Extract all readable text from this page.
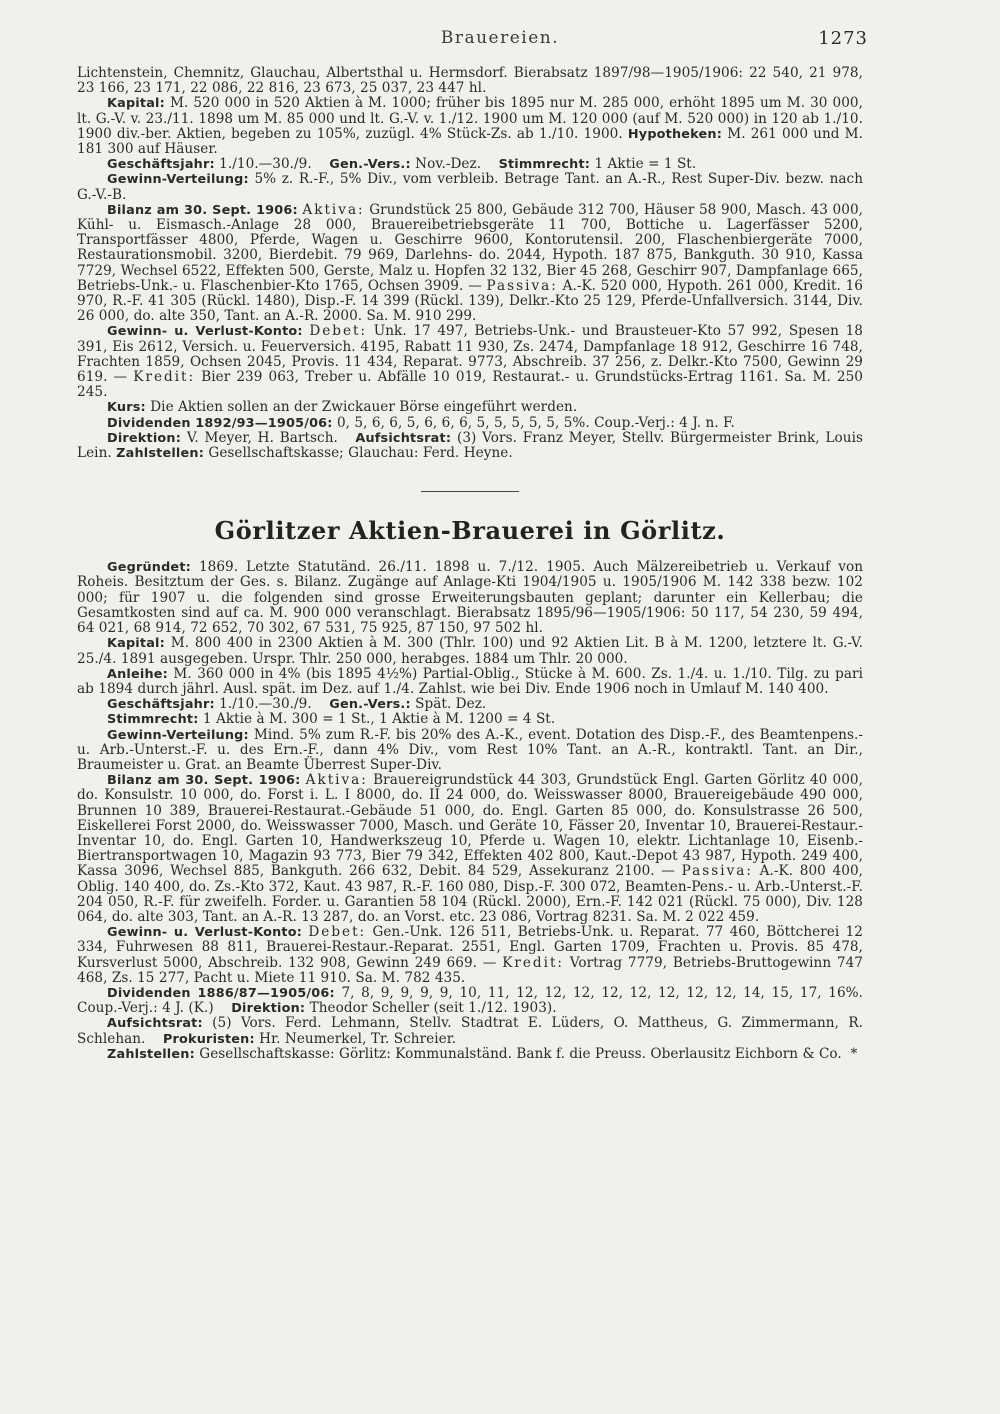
Brauereien.	1273

Lichtenstein, Chemnitz, Glauchau, Albertsthal u. Hermsdorf. Bierabsatz 1897/98—1905/1906: 22 540, 21 978, 23 166, 23 171, 22 086, 22 816, 23 673, 25 037, 23 447 hl.

Kapital: M. 520 000 in 520 Aktien à M. 1000; früher bis 1895 nur M. 285 000, erhöht 1895 um M. 30 000, lt. G.-V. v. 23./11. 1898 um M. 85 000 und lt. G.-V. v. 1./12. 1900 um M. 120 000 (auf M. 520 000) in 120 ab 1./10. 1900 div.-ber. Aktien, begeben zu 105%, zuzügl. 4% Stück-Zs. ab 1./10. 1900. Hypotheken: M. 261 000 und M. 181 300 auf Häuser.

Geschäftsjahr: 1./10.—30./9. Gen.-Vers.: Nov.-Dez. Stimmrecht: 1 Aktie = 1 St.

Gewinn-Verteilung: 5% z. R.-F., 5% Div., vom verbleib. Betrage Tant. an A.-R., Rest Super-Div. bezw. nach G.-V.-B.

Bilanz am 30. Sept. 1906: Aktiva: Grundstück 25 800, Gebäude 312 700, Häuser 58 900, Masch. 43 000, Kühl- u. Eismasch.-Anlage 28 000, Brauereibetriebsgeräte 11 700, Bottiche u. Lagerfässer 5200, Transportfässer 4800, Pferde, Wagen u. Geschirre 9600, Kontorutensil. 200, Flaschenbiergeräte 7000, Restaurationsmobil. 3200, Bierdebit. 79 969, Darlehns- do. 2044, Hypoth. 187 875, Bankguth. 30 910, Kassa 7729, Wechsel 6522, Effekten 500, Gerste, Malz u. Hopfen 32 132, Bier 45 268, Geschirr 907, Dampfanlage 665, Betriebs-Unk.- u. Flaschenbier-Kto 1765, Ochsen 3909. — Passiva: A.-K. 520 000, Hypoth. 261 000, Kredit. 16 970, R.-F. 41 305 (Rückl. 1480), Disp.-F. 14 399 (Rückl. 139), Delkr.-Kto 25 129, Pferde-Unfallversich. 3144, Div. 26 000, do. alte 350, Tant. an A.-R. 2000. Sa. M. 910 299.

Gewinn- u. Verlust-Konto: Debet: Unk. 17 497, Betriebs-Unk.- und Brausteuer-Kto 57 992, Spesen 18 391, Eis 2612, Versich. u. Feuerversich. 4195, Rabatt 11 930, Zs. 2474, Dampfanlage 18 912, Geschirre 16 748, Frachten 1859, Ochsen 2045, Provis. 11 434, Reparat. 9773, Abschreib. 37 256, z. Delkr.-Kto 7500, Gewinn 29 619. — Kredit: Bier 239 063, Treber u. Abfälle 10 019, Restaurat.- u. Grundstücks-Ertrag 1161. Sa. M. 250 245.

Kurs: Die Aktien sollen an der Zwickauer Börse eingeführt werden.

Dividenden 1892/93—1905/06: 0, 5, 6, 6, 5, 6, 6, 6, 5, 5, 5, 5, 5, 5%. Coup.-Verj.: 4 J. n. F.

Direktion: V. Meyer, H. Bartsch. Aufsichtsrat: (3) Vors. Franz Meyer, Stellv. Bürgermeister Brink, Louis Lein. Zahlstellen: Gesellschaftskasse; Glauchau: Ferd. Heyne.

Görlitzer Aktien-Brauerei in Görlitz.

Gegründet: 1869. Letzte Statutänd. 26./11. 1898 u. 7./12. 1905. Auch Mälzereibetrieb u. Verkauf von Roheis. Besitztum der Ges. s. Bilanz. Zugänge auf Anlage-Kti 1904/1905 u. 1905/1906 M. 142 338 bezw. 102 000; für 1907 u. die folgenden sind grosse Erweiterungsbauten geplant; darunter ein Kellerbau; die Gesamtkosten sind auf ca. M. 900 000 veranschlagt. Bierabsatz 1895/96—1905/1906: 50 117, 54 230, 59 494, 64 021, 68 914, 72 652, 70 302, 67 531, 75 925, 87 150, 97 502 hl.

Kapital: M. 800 400 in 2300 Aktien à M. 300 (Thlr. 100) und 92 Aktien Lit. B à M. 1200, letztere lt. G.-V. 25./4. 1891 ausgegeben. Urspr. Thlr. 250 000, herabges. 1884 um Thlr. 20 000.

Anleihe: M. 360 000 in 4% (bis 1895 4½%) Partial-Oblig., Stücke à M. 600. Zs. 1./4. u. 1./10. Tilg. zu pari ab 1894 durch jährl. Ausl. spät. im Dez. auf 1./4. Zahlst. wie bei Div. Ende 1906 noch in Umlauf M. 140 400.

Geschäftsjahr: 1./10.—30./9. Gen.-Vers.: Spät. Dez.

Stimmrecht: 1 Aktie à M. 300 = 1 St., 1 Aktie à M. 1200 = 4 St.

Gewinn-Verteilung: Mind. 5% zum R.-F. bis 20% des A.-K., event. Dotation des Disp.-F., des Beamtenpens.- u. Arb.-Unterst.-F. u. des Ern.-F., dann 4% Div., vom Rest 10% Tant. an A.-R., kontraktl. Tant. an Dir., Braumeister u. Grat. an Beamte Überrest Super-Div.

Bilanz am 30. Sept. 1906: Aktiva: Brauereigrundstück 44 303, Grundstück Engl. Garten Görlitz 40 000, do. Konsulstr. 10 000, do. Forst i. L. I 8000, do. II 24 000, do. Weisswasser 8000, Brauereigebäude 490 000, Brunnen 10 389, Brauerei-Restaurat.-Gebäude 51 000, do. Engl. Garten 85 000, do. Konsulstrasse 26 500, Eiskellerei Forst 2000, do. Weisswasser 7000, Masch. und Geräte 10, Fässer 20, Inventar 10, Brauerei-Restaur.-Inventar 10, do. Engl. Garten 10, Handwerkszeug 10, Pferde u. Wagen 10, elektr. Lichtanlage 10, Eisenb.-Biertransportwagen 10, Magazin 93 773, Bier 79 342, Effekten 402 800, Kaut.-Depot 43 987, Hypoth. 249 400, Kassa 3096, Wechsel 885, Bankguth. 266 632, Debit. 84 529, Assekuranz 2100. — Passiva: A.-K. 800 400, Oblig. 140 400, do. Zs.-Kto 372, Kaut. 43 987, R.-F. 160 080, Disp.-F. 300 072, Beamten-Pens.- u. Arb.-Unterst.-F. 204 050, R.-F. für zweifelh. Forder. u. Garantien 58 104 (Rückl. 2000), Ern.-F. 142 021 (Rückl. 75 000), Div. 128 064, do. alte 303, Tant. an A.-R. 13 287, do. an Vorst. etc. 23 086, Vortrag 8231. Sa. M. 2 022 459.

Gewinn- u. Verlust-Konto: Debet: Gen.-Unk. 126 511, Betriebs-Unk. u. Reparat. 77 460, Böttcherei 12 334, Fuhrwesen 88 811, Brauerei-Restaur.-Reparat. 2551, Engl. Garten 1709, Frachten u. Provis. 85 478, Kursverlust 5000, Abschreib. 132 908, Gewinn 249 669. — Kredit: Vortrag 7779, Betriebs-Bruttogewinn 747 468, Zs. 15 277, Pacht u. Miete 11 910. Sa. M. 782 435.

Dividenden 1886/87—1905/06: 7, 8, 9, 9, 9, 9, 10, 11, 12, 12, 12, 12, 12, 12, 12, 12, 14, 15, 17, 16%. Coup.-Verj.: 4 J. (K.) Direktion: Theodor Scheller (seit 1./12. 1903).

Aufsichtsrat: (5) Vors. Ferd. Lehmann, Stellv. Stadtrat E. Lüders, O. Mattheus, G. Zimmermann, R. Schlehan. Prokuristen: Hr. Neumerkel, Tr. Schreier.

Zahlstellen: Gesellschaftskasse: Görlitz: Kommunalständ. Bank f. die Preuss. Oberlausitz Eichborn & Co. *
